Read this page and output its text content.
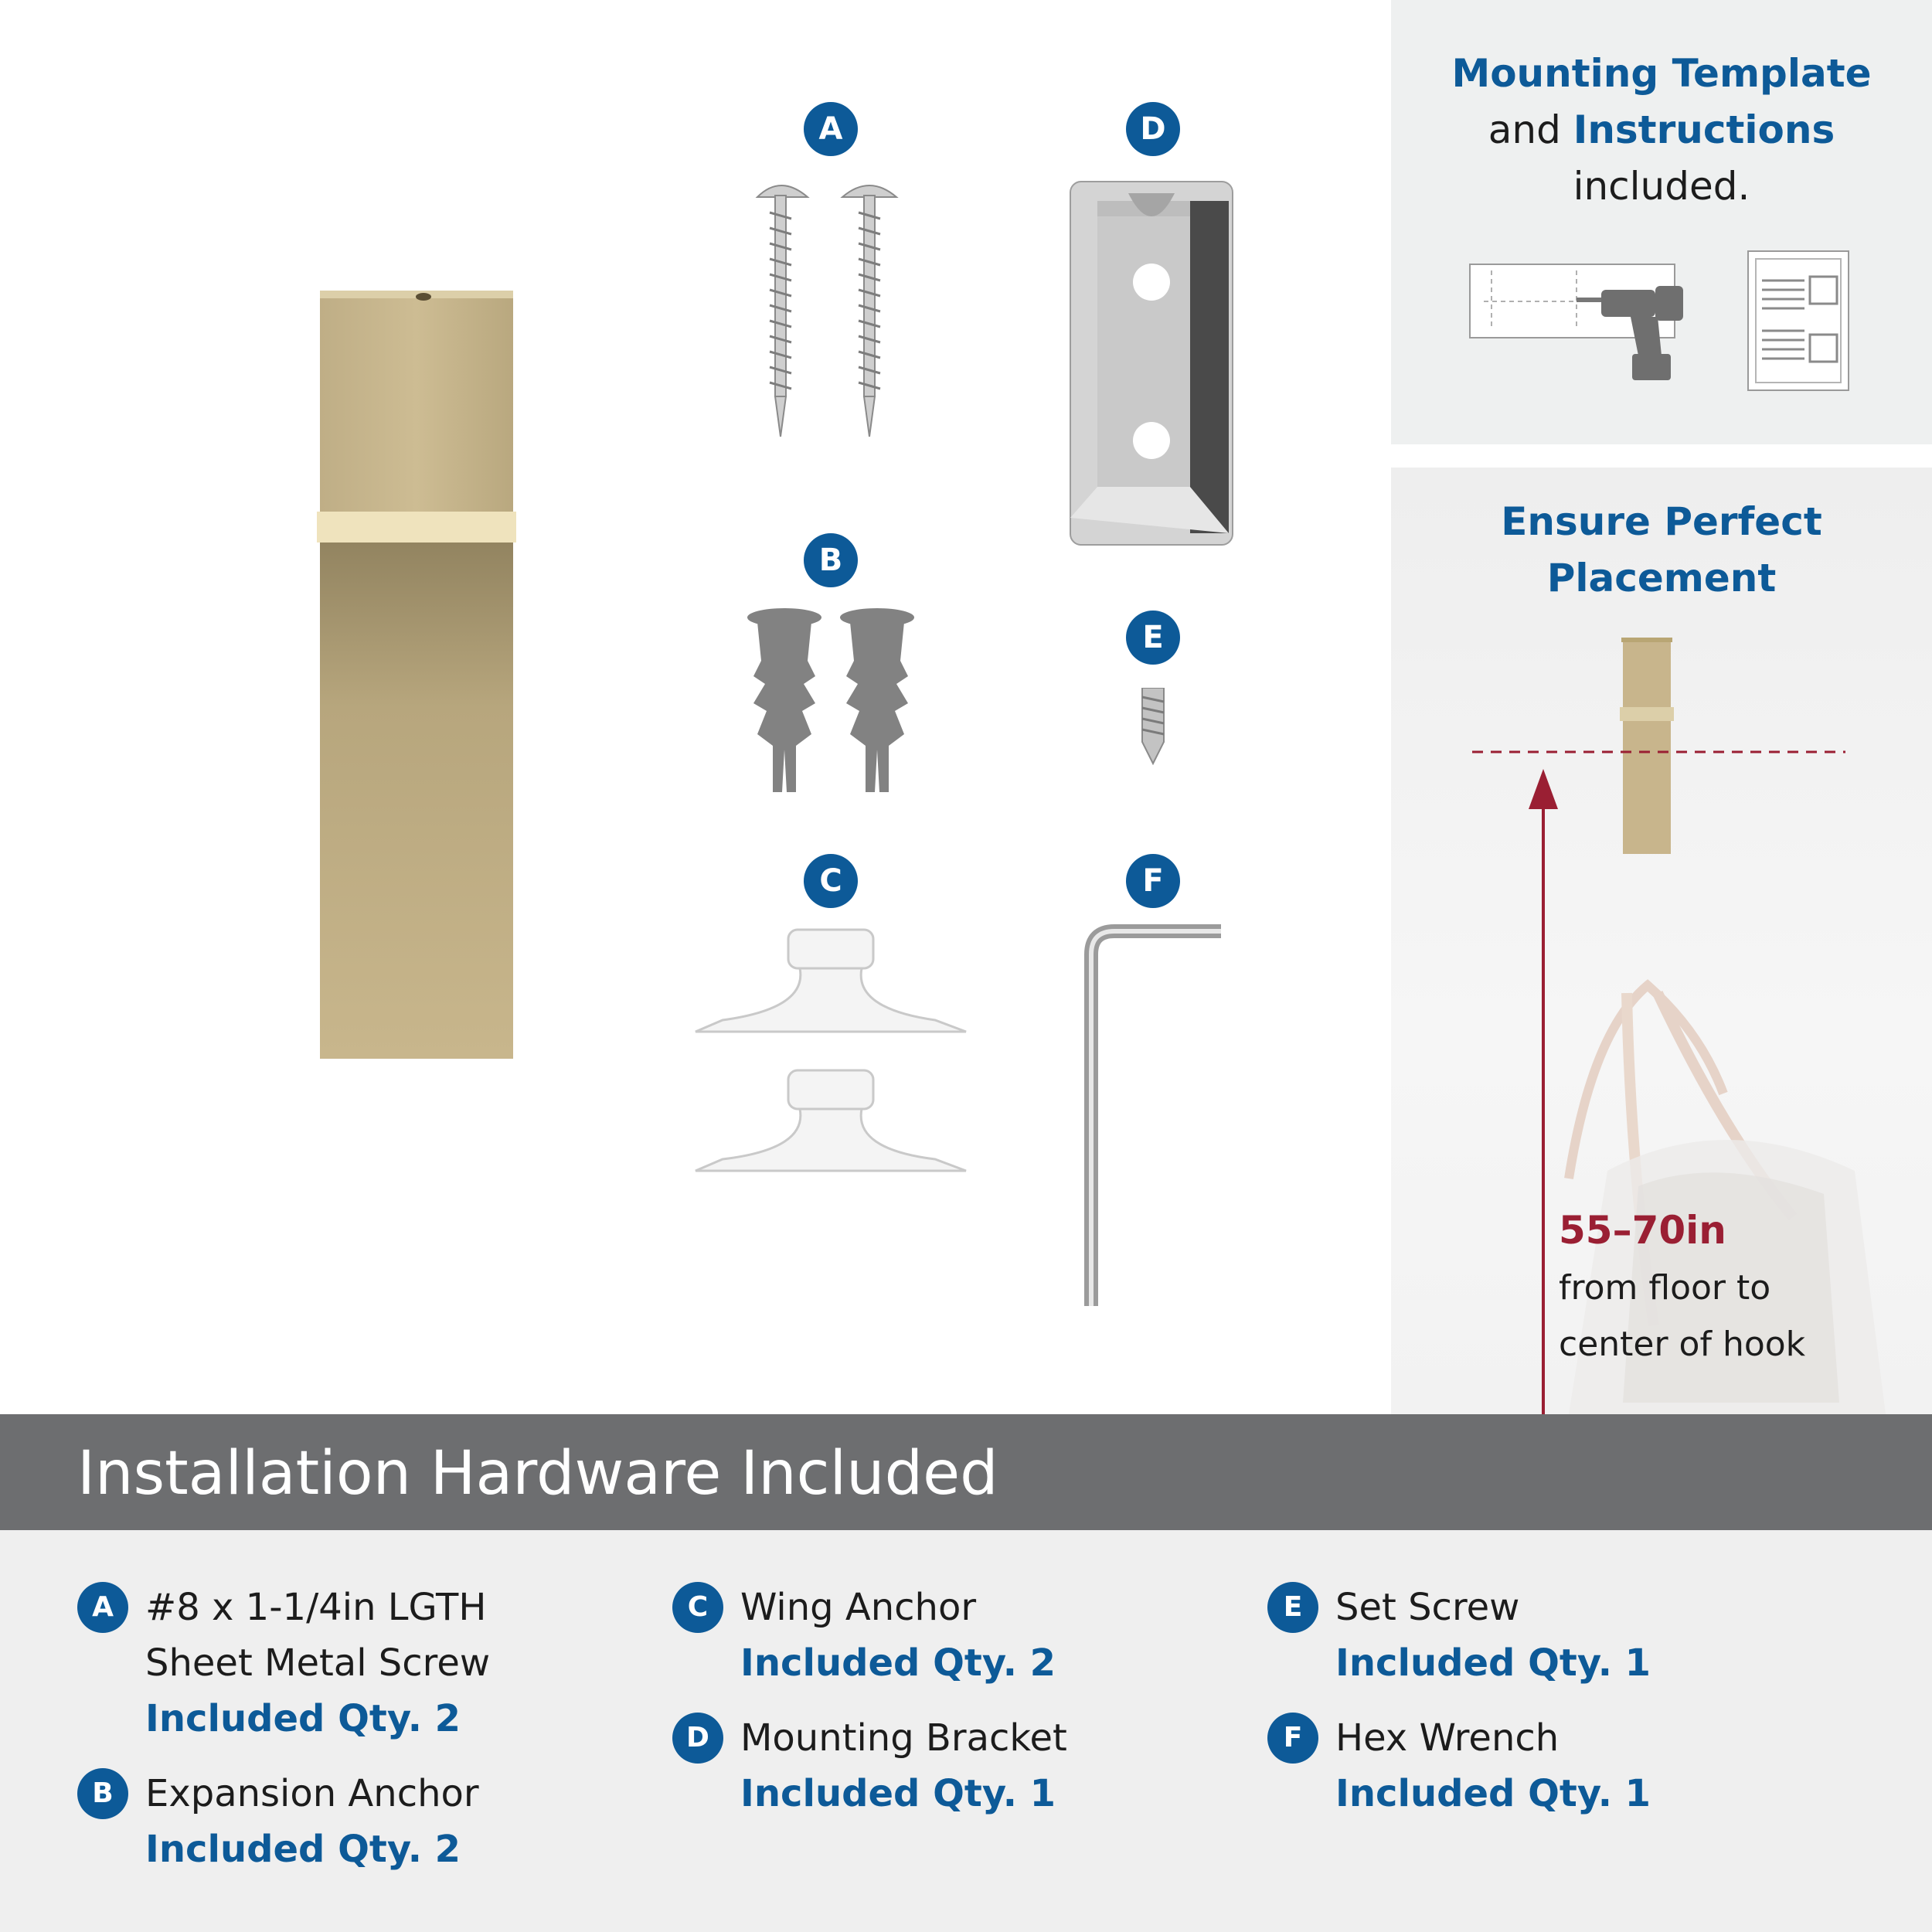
A
B
C
D
E
F
Mounting Template
and Instructions
included.
Ensure Perfect
Placement
55–70in
from floor to
center of hook
Installation Hardware Included
A #8 x 1-1/4in LGTH
Sheet Metal Screw
Included Qty. 2
B Expansion Anchor
Included Qty. 2
C Wing Anchor
Included Qty. 2
D Mounting Bracket
Included Qty. 1
E Set Screw
Included Qty. 1
F Hex Wrench
Included Qty. 1
